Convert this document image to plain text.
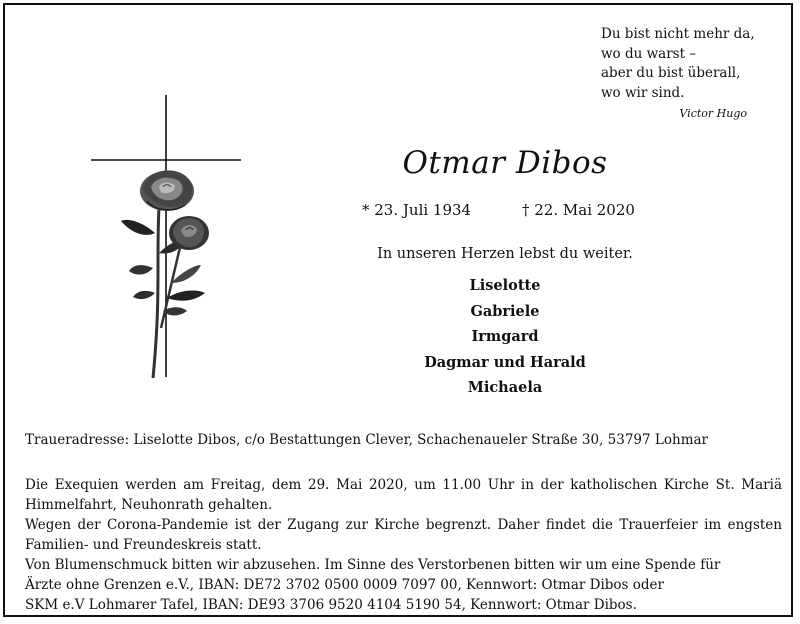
Du bist nicht mehr da,
wo du warst –
aber du bist überall,
wo wir sind.
Victor Hugo
Otmar Dibos
* 23. Juli 1934	† 22. Mai 2020
In unseren Herzen lebst du weiter.
Liselotte
Gabriele
Irmgard
Dagmar und Harald
Michaela
Traueradresse: Liselotte Dibos, c/o Bestattungen Clever, Schachenaueler Straße 30, 53797 Lohmar

Die Exequien werden am Freitag, dem 29. Mai 2020, um 11.00 Uhr in der katholischen Kirche St. Mariä

Himmelfahrt, Neuhonrath gehalten.

Wegen der Corona-Pandemie ist der Zugang zur Kirche begrenzt. Daher findet die Trauerfeier im engsten

Familien- und Freundeskreis statt.

Von Blumenschmuck bitten wir abzusehen. Im Sinne des Verstorbenen bitten wir um eine Spende für

Ärzte ohne Grenzen e.V., IBAN: DE72 3702 0500 0009 7097 00, Kennwort: Otmar Dibos oder

SKM e.V Lohmarer Tafel, IBAN: DE93 3706 9520 4104 5190 54, Kennwort: Otmar Dibos.
